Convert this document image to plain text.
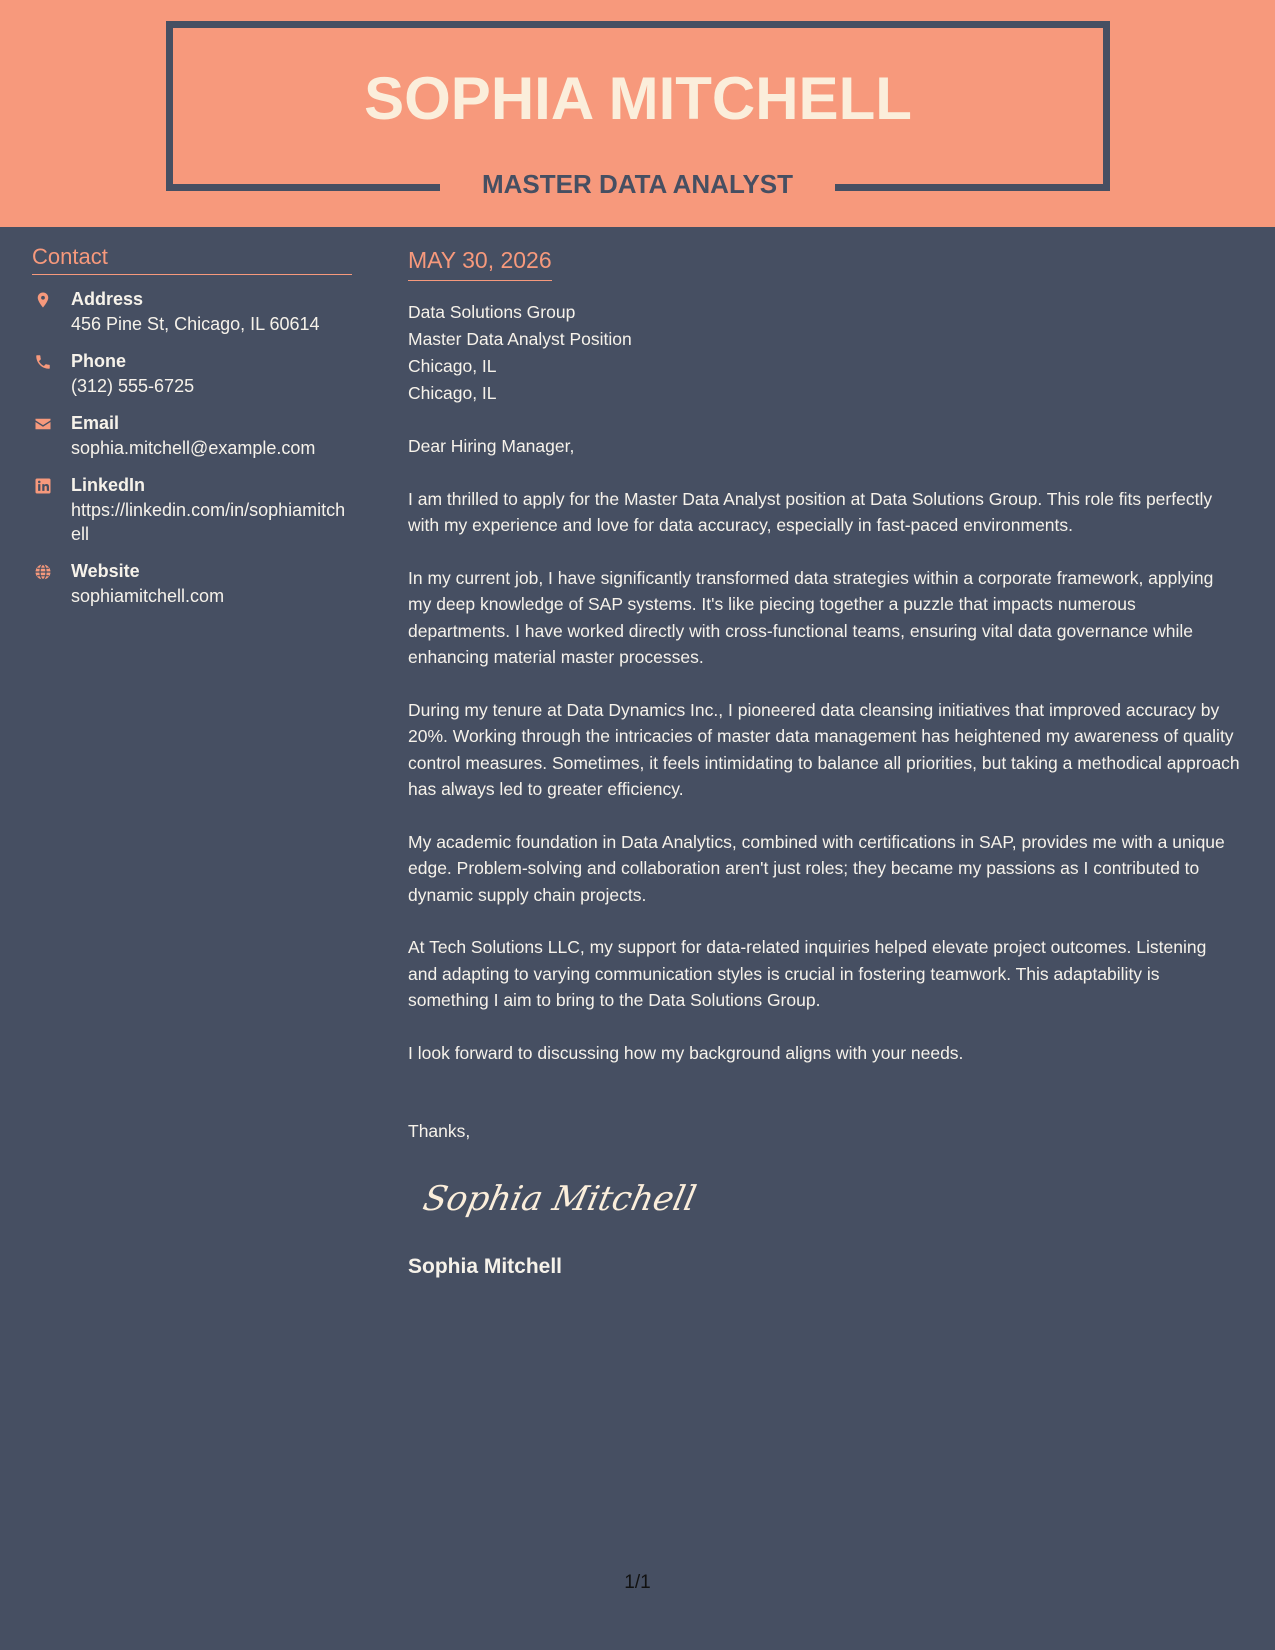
SOPHIA MITCHELL
MASTER DATA ANALYST
Contact
Address
456 Pine St, Chicago, IL 60614
Phone
(312) 555-6725
Email
sophia.mitchell@example.com
LinkedIn
https://linkedin.com/in/sophiamitchell
Website
sophiamitchell.com
MAY 30, 2026
Data Solutions Group
Master Data Analyst Position
Chicago, IL
Chicago, IL
Dear Hiring Manager,
I am thrilled to apply for the Master Data Analyst position at Data Solutions Group. This role fits perfectly with my experience and love for data accuracy, especially in fast-paced environments.
In my current job, I have significantly transformed data strategies within a corporate framework, applying my deep knowledge of SAP systems. It's like piecing together a puzzle that impacts numerous departments. I have worked directly with cross-functional teams, ensuring vital data governance while enhancing material master processes.
During my tenure at Data Dynamics Inc., I pioneered data cleansing initiatives that improved accuracy by 20%. Working through the intricacies of master data management has heightened my awareness of quality control measures. Sometimes, it feels intimidating to balance all priorities, but taking a methodical approach has always led to greater efficiency.
My academic foundation in Data Analytics, combined with certifications in SAP, provides me with a unique edge. Problem-solving and collaboration aren't just roles; they became my passions as I contributed to dynamic supply chain projects.
At Tech Solutions LLC, my support for data-related inquiries helped elevate project outcomes. Listening and adapting to varying communication styles is crucial in fostering teamwork. This adaptability is something I aim to bring to the Data Solutions Group.
I look forward to discussing how my background aligns with your needs.
Thanks,
Sophia Mitchell
Sophia Mitchell
1/1
